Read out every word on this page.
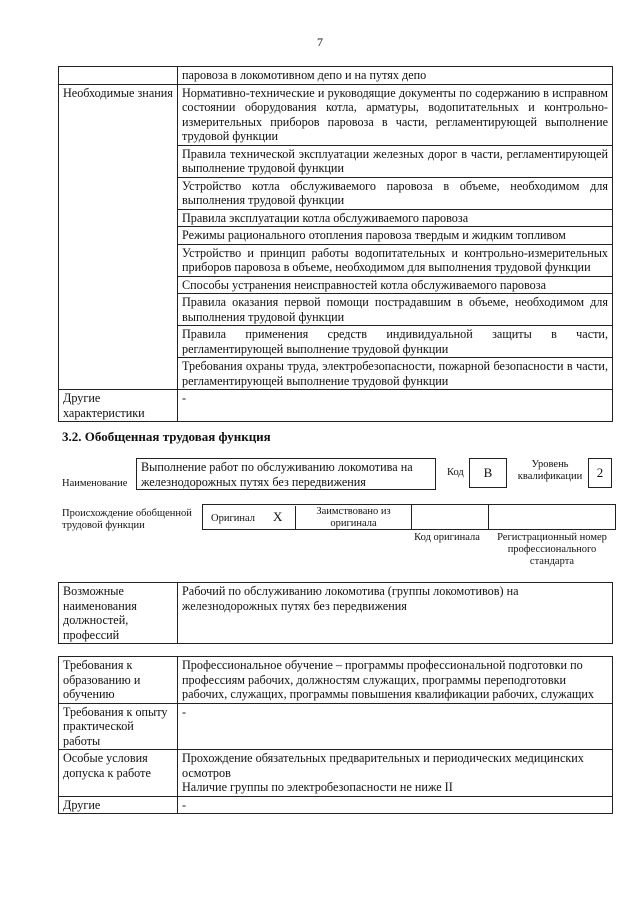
7
	паровоза в локомотивном депо и на путях депо
Необходимые знания	Нормативно-технические и руководящие документы по содержанию в исправном состоянии оборудования котла, арматуры, водопитательных и контрольно-измерительных приборов паровоза в части, регламентирующей выполнение трудовой функции
	Правила технической эксплуатации железных дорог в части, регламентирующей выполнение трудовой функции
	Устройство котла обслуживаемого паровоза в объеме, необходимом для выполнения трудовой функции
	Правила эксплуатации котла обслуживаемого паровоза
	Режимы рационального отопления паровоза твердым и жидким топливом
	Устройство и принцип работы водопитательных и контрольно-измерительных приборов паровоза в объеме, необходимом для выполнения трудовой функции
	Способы устранения неисправностей котла обслуживаемого паровоза
	Правила оказания первой помощи пострадавшим в объеме, необходимом для выполнения трудовой функции
	Правила применения средств индивидуальной защиты в части, регламентирующей выполнение трудовой функции
	Требования охраны труда, электробезопасности, пожарной безопасности в части, регламентирующей выполнение трудовой функции
Другие характеристики	-
3.2. Обобщенная трудовая функция
Наименование
Выполнение работ по обслуживанию локомотива на железнодорожных путях без передвижения
Код	В
Уровень квалификации	2
Происхождение обобщенной трудовой функции
Оригинал X	Заимствовано из оригинала
Код оригинала	Регистрационный номер профессионального стандарта
Возможные наименования должностей, профессий	Рабочий по обслуживанию локомотива (группы локомотивов) на железнодорожных путях без передвижения
Требования к образованию и обучению	Профессиональное обучение – программы профессиональной подготовки по профессиям рабочих, должностям служащих, программы переподготовки рабочих, служащих, программы повышения квалификации рабочих, служащих
Требования к опыту практической работы	-
Особые условия допуска к работе	Прохождение обязательных предварительных и периодических медицинских осмотров
Наличие группы по электробезопасности не ниже II

Другие	-
